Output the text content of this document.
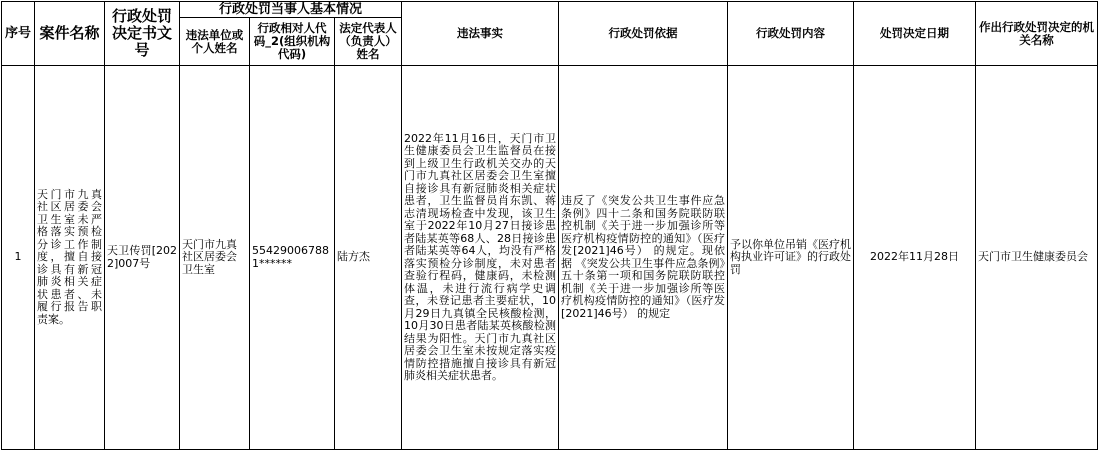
序号	案件名称	行政处罚决定书文号	行政处罚当事人基本情况			违法事实	行政处罚依据	行政处罚内容	处罚决定日期	作出行政处罚决定的机关名称
			违法单位或个人姓名	行政相对人代码_2(组织机构代码)	法定代表人（负责人）姓名					
1	天门市九真社区居委会卫生室未严格落实预检分诊工作制度，擅自接诊具有新冠肺炎相关症状患者、未履行报告职责案。	天卫传罚[2022]007号	天门市九真社区居委会卫生室	554290067881******	陆方杰	2022年11月16日，天门市卫生健康委员会卫生监督员在接到上级卫生行政机关交办的天门市九真社区居委会卫生室擅自接诊具有新冠肺炎相关症状患者，卫生监督员肖东凯、蒋志清现场检查中发现，该卫生室于2022年10月27日接诊患者陆某英等68人、28日接诊患者陆某英等64人，均没有严格落实预检分诊制度，未对患者查验行程码，健康码，未检测体温，未进行流行病学史调查，未登记患者主要症状，10月29日九真镇全民核酸检测，10月30日患者陆某英核酸检测结果为阳性。天门市九真社区居委会卫生室未按规定落实疫情防控措施擅自接诊具有新冠肺炎相关症状患者。	违反了《突发公共卫生事件应急条例》四十二条和国务院联防联控机制《关于进一步加强诊所等医疗机构疫情防控的通知》（医疗发[2021]46号） 的规定。现依据 《突发公共卫生事件应急条例》五十条第一项和国务院联防联控机制《关于进一步加强诊所等医疗机构疫情防控的通知》（医疗发[2021]46号） 的规定	予以你单位吊销《医疗机构执业许可证》的行政处罚	2022年11月28日	天门市卫生健康委员会
